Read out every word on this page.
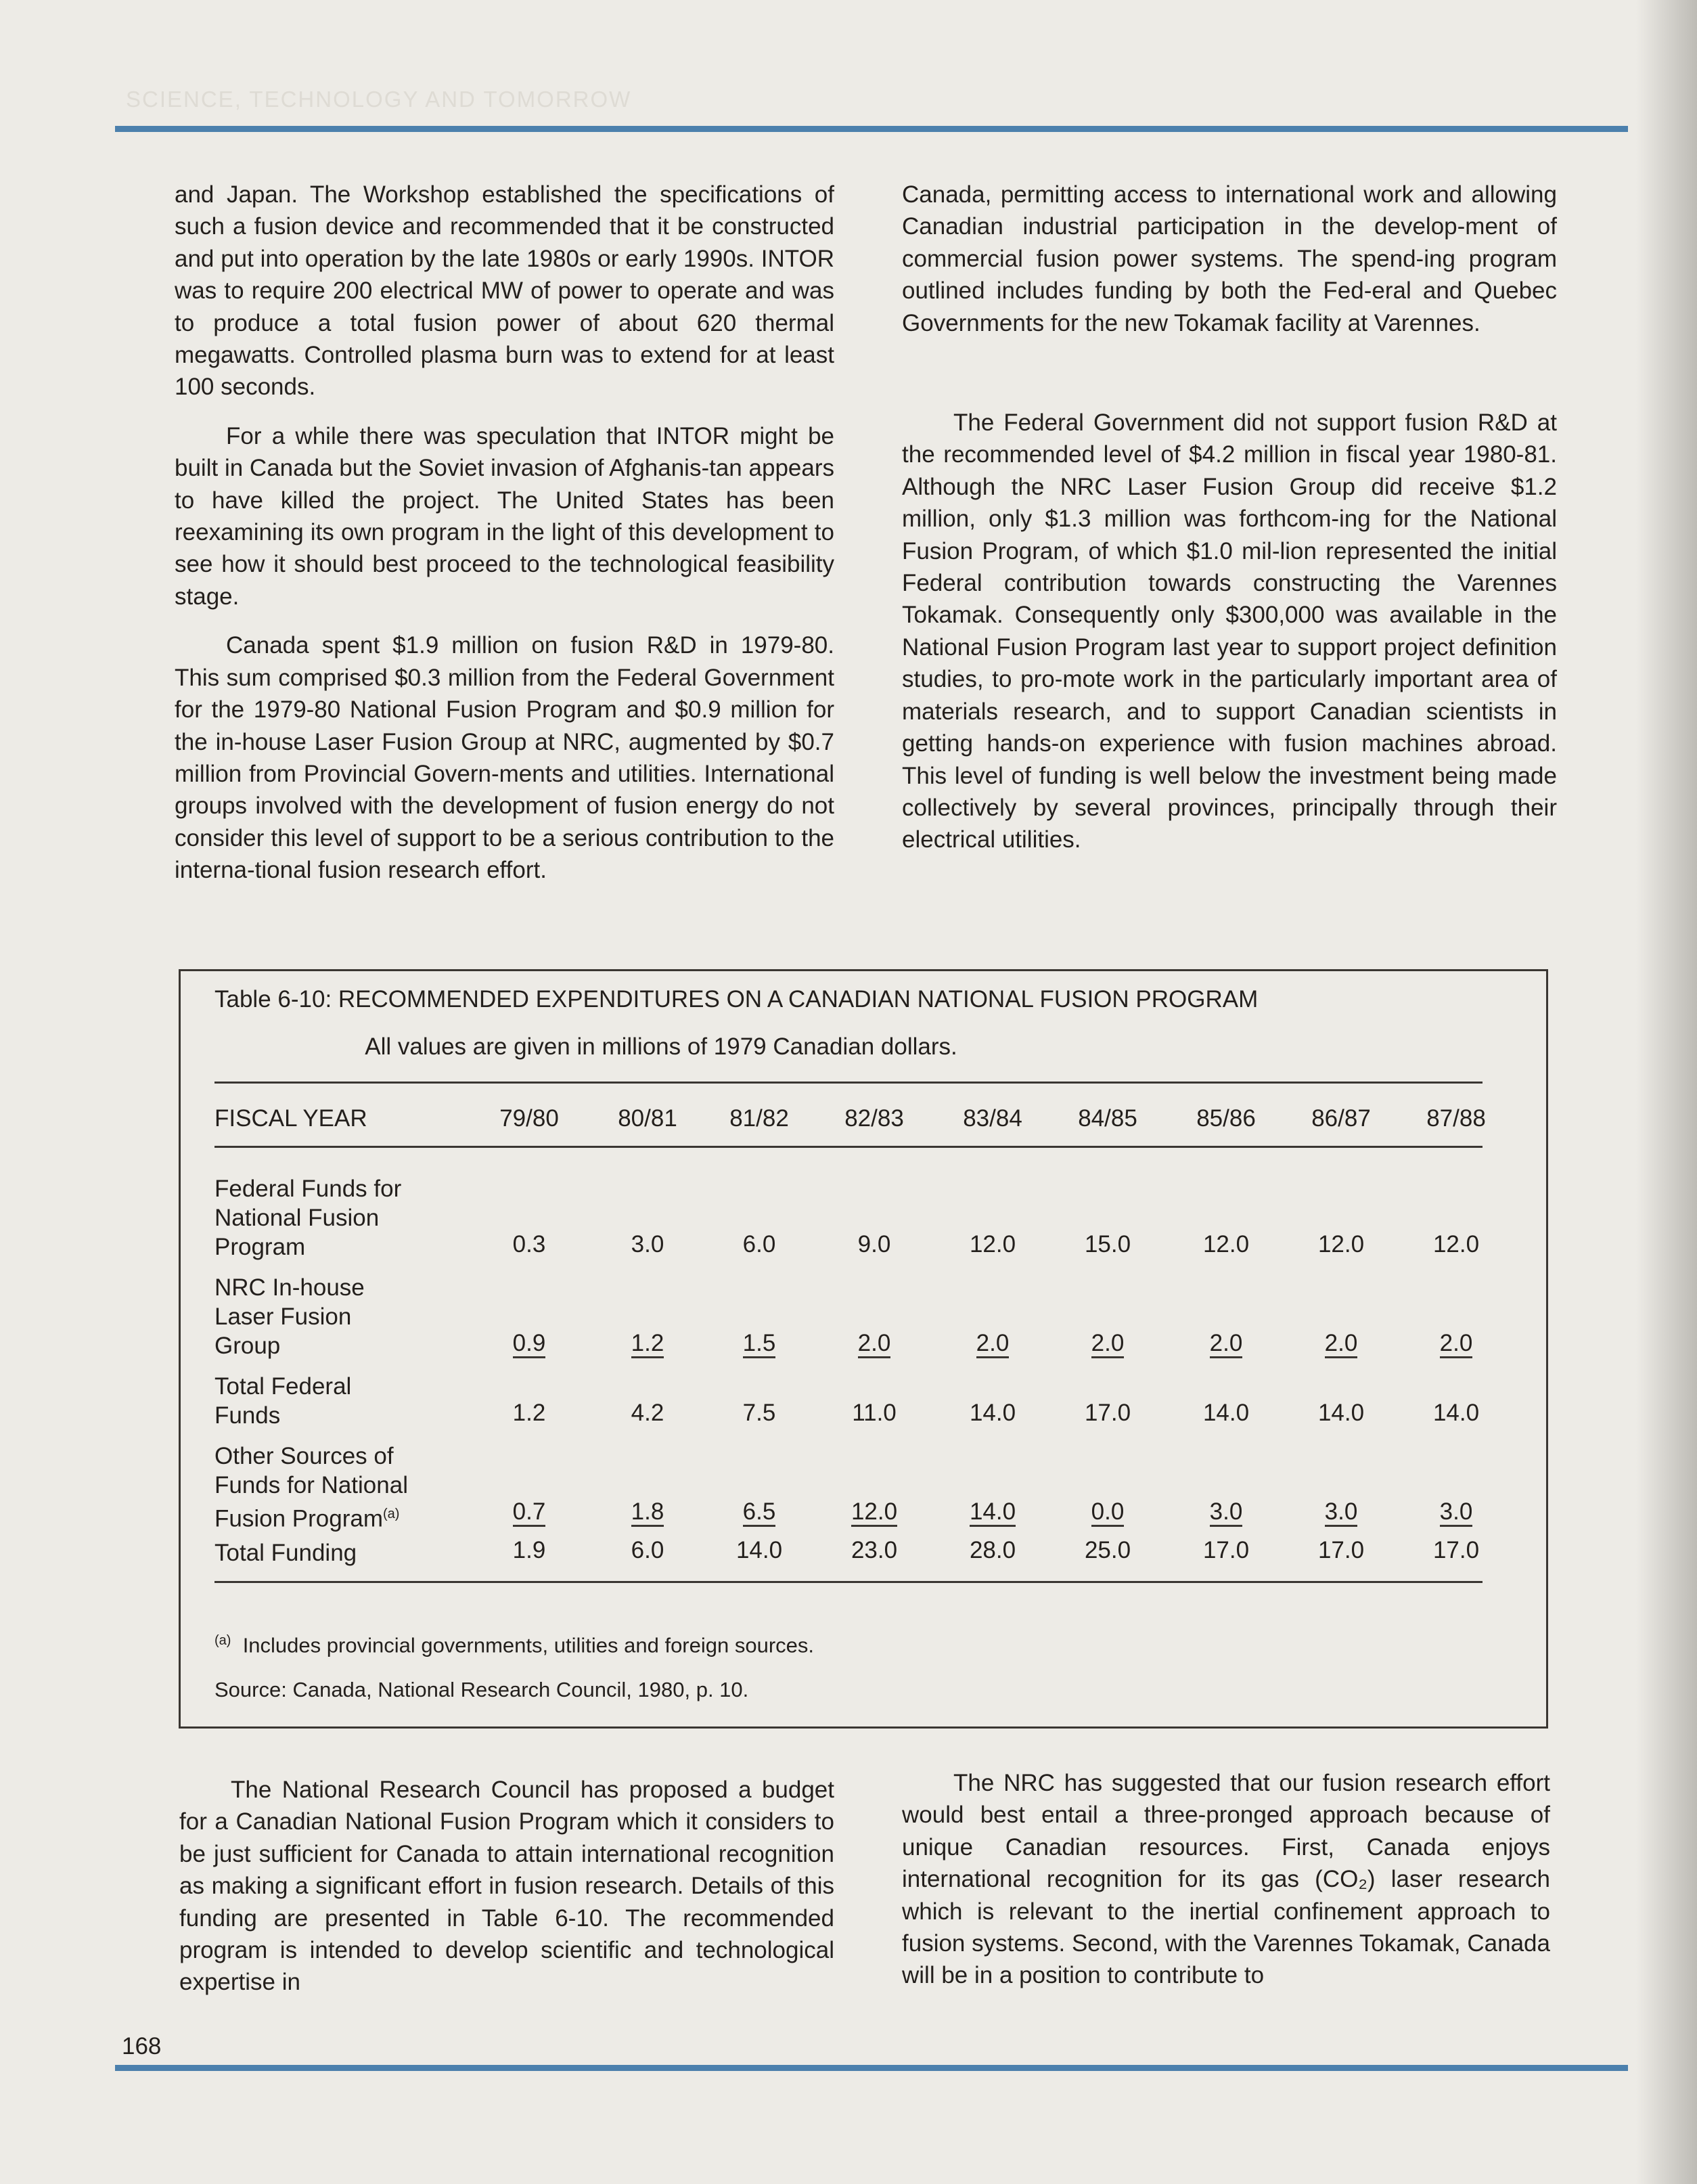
SCIENCE, TECHNOLOGY AND TOMORROW

and Japan. The Workshop established the specifications of such a fusion device and recommended that it be constructed and put into operation by the late 1980s or early 1990s. INTOR was to require 200 electrical MW of power to operate and was to produce a total fusion power of about 620 thermal megawatts. Controlled plasma burn was to extend for at least 100 seconds.

For a while there was speculation that INTOR might be built in Canada but the Soviet invasion of Afghanis-tan appears to have killed the project. The United States has been reexamining its own program in the light of this development to see how it should best proceed to the technological feasibility stage.

Canada spent $1.9 million on fusion R&D in 1979-80. This sum comprised $0.3 million from the Federal Government for the 1979-80 National Fusion Program and $0.9 million for the in-house Laser Fusion Group at NRC, augmented by $0.7 million from Provincial Govern-ments and utilities. International groups involved with the development of fusion energy do not consider this level of support to be a serious contribution to the interna-tional fusion research effort.

Canada, permitting access to international work and allowing Canadian industrial participation in the develop-ment of commercial fusion power systems. The spend-ing program outlined includes funding by both the Fed-eral and Quebec Governments for the new Tokamak facility at Varennes.

The Federal Government did not support fusion R&D at the recommended level of $4.2 million in fiscal year 1980-81. Although the NRC Laser Fusion Group did receive $1.2 million, only $1.3 million was forthcom-ing for the National Fusion Program, of which $1.0 mil-lion represented the initial Federal contribution towards constructing the Varennes Tokamak. Consequently only $300,000 was available in the National Fusion Program last year to support project definition studies, to pro-mote work in the particularly important area of materials research, and to support Canadian scientists in getting hands-on experience with fusion machines abroad. This level of funding is well below the investment being made collectively by several provinces, principally through their electrical utilities.

Table 6-10: RECOMMENDED EXPENDITURES ON A CANADIAN NATIONAL FUSION PROGRAM
All values are given in millions of 1979 Canadian dollars.
FISCAL YEAR	79/80	80/81	81/82	82/83	83/84	84/85	85/86	86/87	87/88
Federal Funds for
National Fusion
Program	0.3	3.0	6.0	9.0	12.0	15.0	12.0	12.0	12.0
NRC In-house
Laser Fusion
Group	0.9	1.2	1.5	2.0	2.0	2.0	2.0	2.0	2.0
Total Federal
Funds	1.2	4.2	7.5	11.0	14.0	17.0	14.0	14.0	14.0
Other Sources of
Funds for National
Fusion Program$^{(a)}$	0.7	1.8	6.5	12.0	14.0	0.0	3.0	3.0	3.0
Total Funding	1.9	6.0	14.0	23.0	28.0	25.0	17.0	17.0	17.0
$^{(a)}$ Includes provincial governments, utilities and foreign sources.
Source: Canada, National Research Council, 1980, p. 10.

The National Research Council has proposed a budget for a Canadian National Fusion Program which it considers to be just sufficient for Canada to attain international recognition as making a significant effort in fusion research. Details of this funding are presented in Table 6-10. The recommended program is intended to develop scientific and technological expertise in

The NRC has suggested that our fusion research effort would best entail a three-pronged approach because of unique Canadian resources. First, Canada enjoys international recognition for its gas (CO₂) laser research which is relevant to the inertial confinement approach to fusion systems. Second, with the Varennes Tokamak, Canada will be in a position to contribute to

168
